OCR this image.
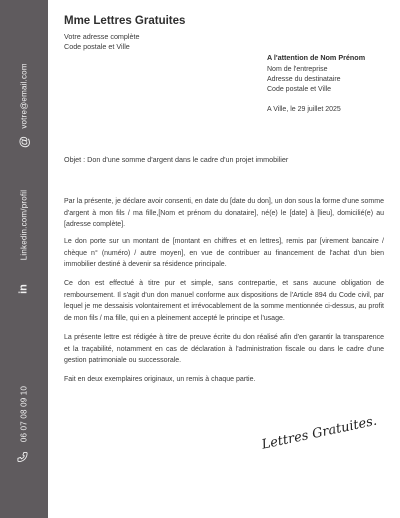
votre@email.com
@
Linkedin.com/profil
in
06 07 08 09 10
Mme Lettres Gratuites
Votre adresse complète
Code postale et Ville
A l'attention de Nom Prénom
Nom de l'entreprise
Adresse du destinataire
Code postale et Ville
A Ville, le 29 juillet 2025
Objet : Don d'une somme d'argent dans le cadre d'un projet immobilier

Par la présente, je déclare avoir consenti, en date du [date du don], un don sous la forme d'une somme d'argent à mon fils / ma fille,[Nom et prénom du donataire], né(e) le [date] à [lieu], domicilié(e) au [adresse complète].

Le don porte sur un montant de [montant en chiffres et en lettres], remis par [virement bancaire / chèque n° (numéro) / autre moyen], en vue de contribuer au financement de l'achat d'un bien immobilier destiné à devenir sa résidence principale.

Ce don est effectué à titre pur et simple, sans contrepartie, et sans aucune obligation de remboursement. Il s'agit d'un don manuel conforme aux dispositions de l'Article 894 du Code civil, par lequel je me dessaisis volontairement et irrévocablement de la somme mentionnée ci-dessus, au profit de mon fils / ma fille, qui en a pleinement accepté le principe et l'usage.

La présente lettre est rédigée à titre de preuve écrite du don réalisé afin d'en garantir la transparence et la traçabilité, notamment en cas de déclaration à l'administration fiscale ou dans le cadre d'une gestion patrimoniale ou successorale.

Fait en deux exemplaires originaux, un remis à chaque partie.

Lettres Gratuites.
